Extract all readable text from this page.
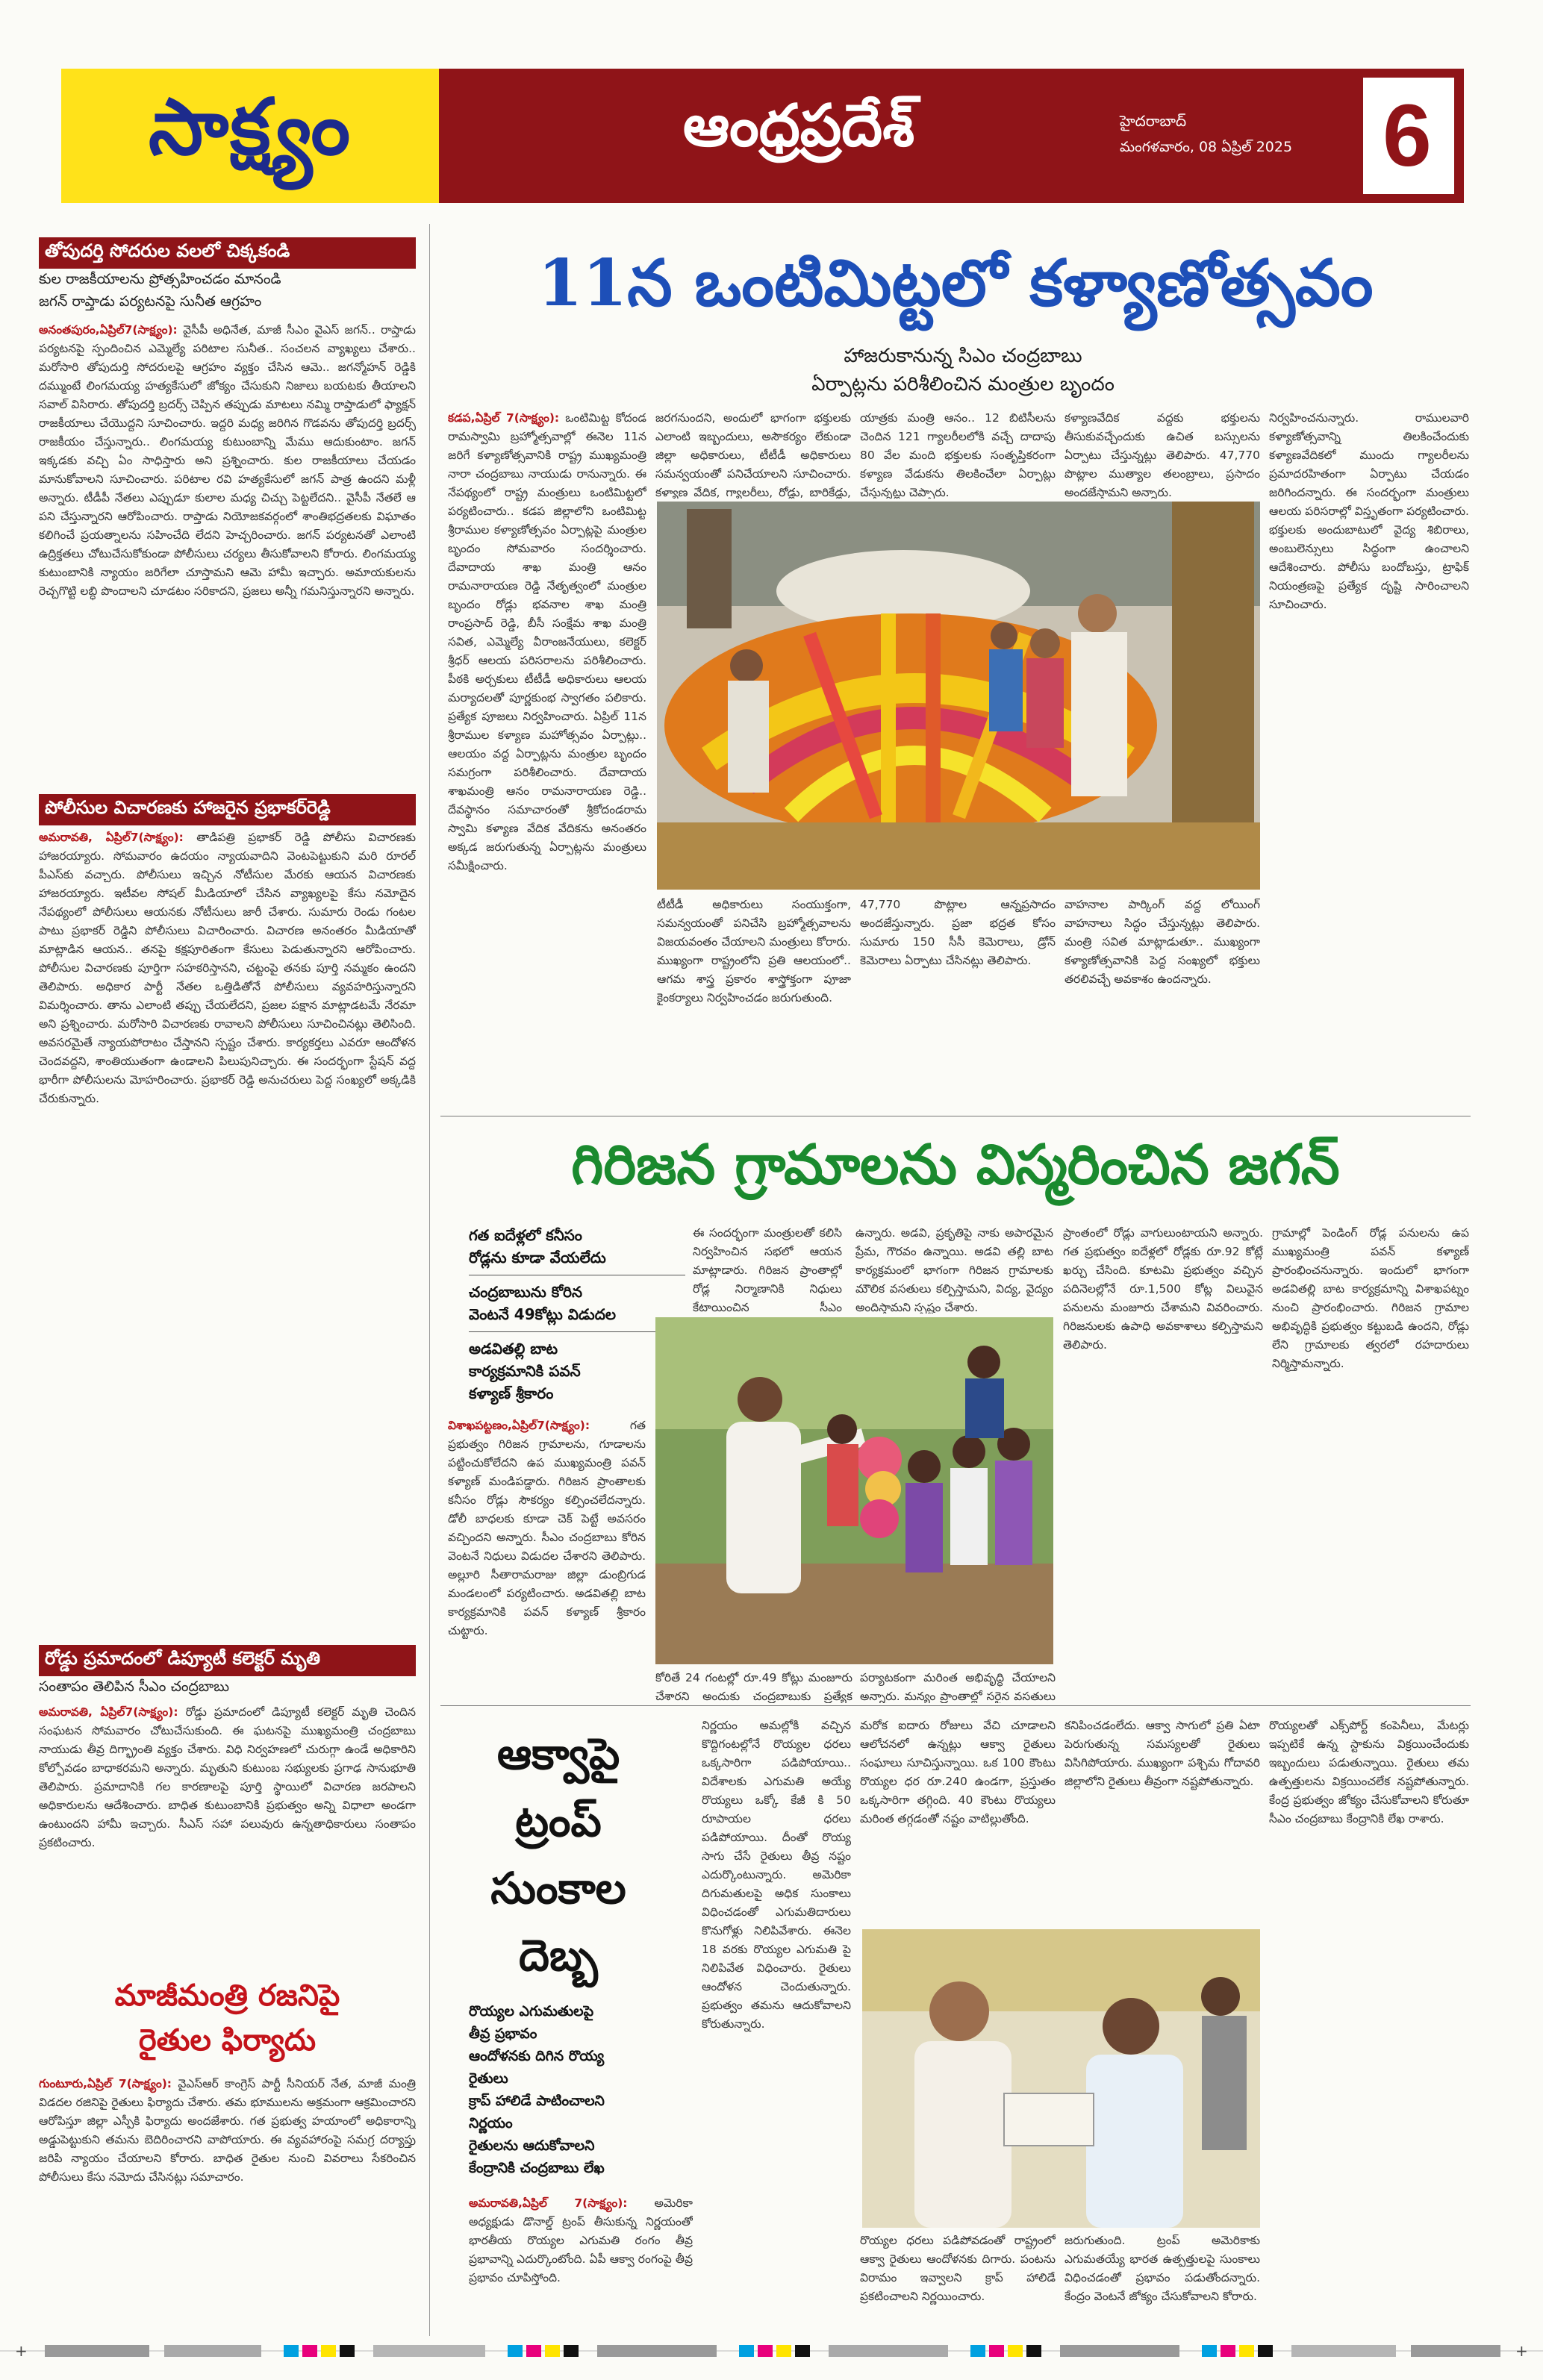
సాక్ష్యం	ఆంధ్రప్రదేశ్	హైదరాబాద్
మంగళవారం, 08 ఏప్రిల్ 2025	6
తోపుదర్తి సోదరుల వలలో చిక్కకండి
కుల రాజకీయాలను ప్రోత్సహించడం మానండి
జగన్ రాప్తాడు పర్యటనపై సునీత ఆగ్రహం
అనంతపురం,ఏప్రిల్7(సాక్ష్యం): వైసీపీ అధినేత, మాజీ సీఎం వైఎస్ జగన్.. రాప్తాడు పర్యటనపై స్పందించిన ఎమ్మెల్యే పరిటాల సునీత.. సంచలన వ్యాఖ్యలు చేశారు.. మరోసారి తోపుదుర్తి సోదరులపై ఆగ్రహం వ్యక్తం చేసిన ఆమె.. జగన్మోహన్ రెడ్డికి దమ్ముంటే లింగమయ్య హత్యకేసులో జోక్యం చేసుకుని నిజాలు బయటకు తీయాలని సవాల్ విసిరారు. తోపుదర్తి బ్రదర్స్ చెప్పిన తప్పుడు మాటలు నమ్మి రాప్తాడులో ఫ్యాక్షన్ రాజకీయాలు చేయొద్దని సూచించారు. ఇద్దరి మధ్య జరిగిన గొడవను తోపుదర్తి బ్రదర్స్ రాజకీయం చేస్తున్నారు.. లింగమయ్య కుటుంబాన్ని మేము ఆదుకుంటాం. జగన్ ఇక్కడకు వచ్చి ఏం సాధిస్తారు అని ప్రశ్నించారు. కుల రాజకీయాలు చేయడం మానుకోవాలని సూచించారు. పరిటాల రవి హత్యకేసులో జగన్ పాత్ర ఉందని మళ్లీ అన్నారు. టీడీపీ నేతలు ఎప్పుడూ కులాల మధ్య చిచ్చు పెట్టలేదని.. వైసీపీ నేతలే ఆ పని చేస్తున్నారని ఆరోపించారు. రాప్తాడు నియోజకవర్గంలో శాంతిభద్రతలకు విఘాతం కలిగించే ప్రయత్నాలను సహించేది లేదని హెచ్చరించారు. జగన్ పర్యటనతో ఎలాంటి ఉద్రిక్తతలు చోటుచేసుకోకుండా పోలీసులు చర్యలు తీసుకోవాలని కోరారు. లింగమయ్య కుటుంబానికి న్యాయం జరిగేలా చూస్తామని ఆమె హామీ ఇచ్చారు. అమాయకులను రెచ్చగొట్టి లబ్ధి పొందాలని చూడటం సరికాదని, ప్రజలు అన్నీ గమనిస్తున్నారని అన్నారు.
పోలీసుల విచారణకు హాజరైన ప్రభాకర్‌రెడ్డి
అమరావతి, ఏప్రిల్7(సాక్ష్యం): తాడిపత్రి ప్రభాకర్ రెడ్డి పోలీసు విచారణకు హాజరయ్యారు. సోమవారం ఉదయం న్యాయవాదిని వెంటపెట్టుకుని మరి రూరల్ పీఎస్‌కు వచ్చారు. పోలీసులు ఇచ్చిన నోటీసుల మేరకు ఆయన విచారణకు హాజరయ్యారు. ఇటీవల సోషల్ మీడియాలో చేసిన వ్యాఖ్యలపై కేసు నమోదైన నేపథ్యంలో పోలీసులు ఆయనకు నోటీసులు జారీ చేశారు. సుమారు రెండు గంటల పాటు ప్రభాకర్ రెడ్డిని పోలీసులు విచారించారు. విచారణ అనంతరం మీడియాతో మాట్లాడిన ఆయన.. తనపై కక్షపూరితంగా కేసులు పెడుతున్నారని ఆరోపించారు. పోలీసుల విచారణకు పూర్తిగా సహకరిస్తానని, చట్టంపై తనకు పూర్తి నమ్మకం ఉందని తెలిపారు. అధికార పార్టీ నేతల ఒత్తిడితోనే పోలీసులు వ్యవహరిస్తున్నారని విమర్శించారు. తాను ఎలాంటి తప్పు చేయలేదని, ప్రజల పక్షాన మాట్లాడటమే నేరమా అని ప్రశ్నించారు. మరోసారి విచారణకు రావాలని పోలీసులు సూచించినట్లు తెలిసింది. అవసరమైతే న్యాయపోరాటం చేస్తానని స్పష్టం చేశారు. కార్యకర్తలు ఎవరూ ఆందోళన చెందవద్దని, శాంతియుతంగా ఉండాలని పిలుపునిచ్చారు. ఈ సందర్భంగా స్టేషన్ వద్ద భారీగా పోలీసులను మోహరించారు. ప్రభాకర్ రెడ్డి అనుచరులు పెద్ద సంఖ్యలో అక్కడికి చేరుకున్నారు.
రోడ్డు ప్రమాదంలో డిప్యూటీ కలెక్టర్ మృతి
సంతాపం తెలిపిన సీఎం చంద్రబాబు
అమరావతి, ఏప్రిల్7(సాక్ష్యం): రోడ్డు ప్రమాదంలో డిప్యూటీ కలెక్టర్ మృతి చెందిన సంఘటన సోమవారం చోటుచేసుకుంది. ఈ ఘటనపై ముఖ్యమంత్రి చంద్రబాబు నాయుడు తీవ్ర దిగ్భ్రాంతి వ్యక్తం చేశారు. విధి నిర్వహణలో చురుగ్గా ఉండే అధికారిని కోల్పోవడం బాధాకరమని అన్నారు. మృతుని కుటుంబ సభ్యులకు ప్రగాఢ సానుభూతి తెలిపారు. ప్రమాదానికి గల కారణాలపై పూర్తి స్థాయిలో విచారణ జరపాలని అధికారులను ఆదేశించారు. బాధిత కుటుంబానికి ప్రభుత్వం అన్ని విధాలా అండగా ఉంటుందని హామీ ఇచ్చారు. సీఎస్ సహా పలువురు ఉన్నతాధికారులు సంతాపం ప్రకటించారు.
మాజీమంత్రి రజనిపై
రైతుల ఫిర్యాదు
గుంటూరు,ఏప్రిల్ 7(సాక్ష్యం): వైఎస్ఆర్ కాంగ్రెస్ పార్టీ సీనియర్ నేత, మాజీ మంత్రి విడదల రజినిపై రైతులు ఫిర్యాదు చేశారు. తమ భూములను అక్రమంగా ఆక్రమించారని ఆరోపిస్తూ జిల్లా ఎస్పీకి ఫిర్యాదు అందజేశారు. గత ప్రభుత్వ హయాంలో అధికారాన్ని అడ్డుపెట్టుకుని తమను బెదిరించారని వాపోయారు. ఈ వ్యవహారంపై సమగ్ర దర్యాప్తు జరిపి న్యాయం చేయాలని కోరారు. బాధిత రైతుల నుంచి వివరాలు సేకరించిన పోలీసులు కేసు నమోదు చేసినట్లు సమాచారం.
11న ఒంటిమిట్టలో కళ్యాణోత్సవం
హాజరుకానున్న సిఎం చంద్రబాబు
ఏర్పాట్లను పరిశీలించిన మంత్రుల బృందం
కడప,ఏప్రిల్ 7(సాక్ష్యం): ఒంటిమిట్ట కోదండ రామస్వామి బ్రహ్మోత్సవాల్లో ఈనెల 11న జరిగే కళ్యాణోత్సవానికి రాష్ట్ర ముఖ్యమంత్రి నారా చంద్రబాబు నాయుడు రానున్నారు. ఈ నేపథ్యంలో రాష్ట్ర మంత్రులు ఒంటిమిట్టలో పర్యటించారు.. కడప జిల్లాలోని ఒంటిమిట్ట శ్రీరాముల కళ్యాణోత్సవం ఏర్పాట్లపై మంత్రుల బృందం సోమవారం సందర్శించారు. దేవాదాయ శాఖ మంత్రి ఆనం రామనారాయణ రెడ్డి నేతృత్వంలో మంత్రుల బృందం రోడ్లు భవనాల శాఖ మంత్రి రాంప్రసాద్ రెడ్డి, బీసీ సంక్షేమ శాఖ మంత్రి సవిత, ఎమ్మెల్యే వీరాంజనేయులు, కలెక్టర్ శ్రీధర్ ఆలయ పరిసరాలను పరిశీలించారు. పీఠకి అర్చకులు టీటీడీ అధికారులు ఆలయ మర్యాదలతో పూర్ణకుంభ స్వాగతం పలికారు. ప్రత్యేక పూజలు నిర్వహించారు. ఏప్రిల్ 11న శ్రీరాముల కళ్యాణ మహోత్సవం ఏర్పాట్లు.. ఆలయం వద్ద ఏర్పాట్లను మంత్రుల బృందం సమగ్రంగా పరిశీలించారు. దేవాదాయ శాఖమంత్రి ఆనం రామనారాయణ రెడ్డి.. దేవస్థానం సమాచారంతో శ్రీకోదండరామ స్వామి కళ్యాణ వేదిక వేదికను అనంతరం అక్కడ జరుగుతున్న ఏర్పాట్లను మంత్రులు సమీక్షించారు.
జరగనుందని, అందులో భాగంగా భక్తులకు ఎలాంటి ఇబ్బందులు, అసౌకర్యం లేకుండా జిల్లా అధికారులు, టీటీడీ అధికారులు సమన్వయంతో పనిచేయాలని సూచించారు. కళ్యాణ వేదిక, గ్యాలరీలు, రోడ్లు, బారికేడ్లు,
యాత్రకు మంత్రి ఆనం.. 12 బిటిసీలను చెందిన 121 గ్యాలరీలలోకి వచ్చే దాదాపు 80 వేల మంది భక్తులకు సంతృప్తికరంగా కళ్యాణ వేడుకను తిలకించేలా ఏర్పాట్లు చేస్తున్నట్లు చెప్పారు.
కళ్యాణవేదిక వద్దకు భక్తులను తీసుకువచ్చేందుకు ఉచిత బస్సులను ఏర్పాటు చేస్తున్నట్లు తెలిపారు. 47,770 పొట్లాల ముత్యాల తలంబ్రాలు, ప్రసాదం అందజేస్తామని అన్నారు.
నిర్వహించనున్నారు. రాములవారి కళ్యాణోత్సవాన్ని తిలకించేందుకు కళ్యాణవేదికలో ముందు గ్యాలరీలను ప్రమాదరహితంగా ఏర్పాటు చేయడం జరిగిందన్నారు. ఈ సందర్భంగా మంత్రులు ఆలయ పరిసరాల్లో విస్తృతంగా పర్యటించారు. భక్తులకు అందుబాటులో వైద్య శిబిరాలు, అంబులెన్సులు సిద్ధంగా ఉంచాలని ఆదేశించారు. పోలీసు బందోబస్తు, ట్రాఫిక్ నియంత్రణపై ప్రత్యేక దృష్టి సారించాలని సూచించారు.
టీటీడీ అధికారులు సంయుక్తంగా, సమన్వయంతో పనిచేసి బ్రహ్మోత్సవాలను విజయవంతం చేయాలని మంత్రులు కోరారు. ముఖ్యంగా రాష్ట్రంలోని ప్రతి ఆలయంలో.. ఆగమ శాస్త్ర ప్రకారం శాస్త్రోక్తంగా పూజా కైంకర్యాలు నిర్వహించడం జరుగుతుంది.
47,770 పొట్లాల ఆన్నప్రసాదం అందజేస్తున్నారు. ప్రజా భద్రత కోసం సుమారు 150 సీసీ కెమెరాలు, డ్రోన్ కెమెరాలు ఏర్పాటు చేసినట్లు తెలిపారు.
వాహనాల పార్కింగ్ వద్ద లోయింగ్ వాహనాలు సిద్ధం చేస్తున్నట్లు తెలిపారు. మంత్రి సవిత మాట్లాడుతూ.. ముఖ్యంగా కళ్యాణోత్సవానికి పెద్ద సంఖ్యలో భక్తులు తరలివచ్చే అవకాశం ఉందన్నారు.
గిరిజన గ్రామాలను విస్మరించిన జగన్
గత ఐదేళ్లలో కనీసం
రోడ్లను కూడా వేయలేదు
చంద్రబాబును కోరిన
వెంటనే 49కోట్లు విడుదల
అడవితల్లి బాట
కార్యక్రమానికి పవన్
కళ్యాణ్ శ్రీకారం
విశాఖపట్టణం,ఏప్రిల్7(సాక్ష్యం):	గత ప్రభుత్వం గిరిజన గ్రామాలను, గూడాలను పట్టించుకోలేదని ఉప ముఖ్యమంత్రి పవన్ కళ్యాణ్ మండిపడ్డారు. గిరిజన ప్రాంతాలకు కనీసం రోడ్లు సౌకర్యం కల్పించలేదన్నారు. డోలీ బాధలకు కూడా చెక్ పెట్టే అవసరం వచ్చిందని అన్నారు. సీఎం చంద్రబాబు కోరిన వెంటనే నిధులు విడుదల చేశారని తెలిపారు. అల్లూరి సీతారామరాజు జిల్లా డుంబ్రిగుడ మండలంలో పర్యటించారు. అడవితల్లి బాట కార్యక్రమానికి పవన్ కళ్యాణ్ శ్రీకారం చుట్టారు.
ఈ సందర్భంగా మంత్రులతో కలిసి నిర్వహించిన సభలో ఆయన మాట్లాడారు. గిరిజన ప్రాంతాల్లో రోడ్ల నిర్మాణానికి నిధులు కేటాయించిన సీఎం
ఉన్నారు. అడవి, ప్రకృతిపై నాకు అపారమైన ప్రేమ, గౌరవం ఉన్నాయి. అడవి తల్లి బాట కార్యక్రమంలో భాగంగా గిరిజన గ్రామాలకు మౌలిక వసతులు కల్పిస్తామని, విద్య, వైద్యం అందిస్తామని స్పష్టం చేశారు.
ప్రాంతంలో రోడ్లు వాగులుంటాయని అన్నారు. గత ప్రభుత్వం ఐదేళ్లలో రోడ్లకు రూ.92 కోట్లే ఖర్చు చేసింది. కూటమి ప్రభుత్వం వచ్చిన పదినెలల్లోనే రూ.1,500 కోట్ల విలువైన పనులను మంజూరు చేశామని వివరించారు. గిరిజనులకు ఉపాధి అవకాశాలు కల్పిస్తామని తెలిపారు.
గ్రామాల్లో పెండింగ్ రోడ్ల పనులను ఉప ముఖ్యమంత్రి పవన్ కళ్యాణ్ ప్రారంభించనున్నారు. ఇందులో భాగంగా అడవితల్లి బాట కార్యక్రమాన్ని విశాఖపట్నం నుంచి ప్రారంభించారు. గిరిజన గ్రామాల అభివృద్ధికి ప్రభుత్వం కట్టుబడి ఉందని, రోడ్లు లేని గ్రామాలకు త్వరలో రహదారులు నిర్మిస్తామన్నారు.
కోరితే 24 గంటల్లో రూ.49 కోట్లు మంజూరు చేశారని అందుకు చంద్రబాబుకు ప్రత్యేక
పర్యాటకంగా మరింత అభివృద్ధి చేయాలని అన్నారు. మన్యం ప్రాంతాల్లో సరైన వసతులు
ఆక్వాపై
ట్రంప్
సుంకాల
దెబ్బ
రొయ్యల ఎగుమతులపై
తీవ్ర ప్రభావం
ఆందోళనకు దిగిన రొయ్య
రైతులు
క్రాప్ హాలిడే పాటించాలని
నిర్ణయం
రైతులను ఆదుకోవాలని
కేంద్రానికి చంద్రబాబు లేఖ
అమరావతి,ఏప్రిల్ 7(సాక్ష్యం): అమెరికా అధ్యక్షుడు డొనాల్డ్ ట్రంప్ తీసుకున్న నిర్ణయంతో భారతీయ రొయ్యల ఎగుమతి రంగం తీవ్ర ప్రభావాన్ని ఎదుర్కొంటోంది. ఏపీ ఆక్వా రంగంపై తీవ్ర ప్రభావం చూపిస్తోంది.
నిర్ణయం అమల్లోకి వచ్చిన కొద్దిగంటల్లోనే రొయ్యల ధరలు ఒక్కసారిగా పడిపోయాయి.. విదేశాలకు ఎగుమతి అయ్యే రొయ్యలు ఒక్కో కేజీ కి 50 రూపాయల ధరలు పడిపోయాయి. దీంతో రొయ్య సాగు చేసే రైతులు తీవ్ర నష్టం ఎదుర్కొంటున్నారు. అమెరికా దిగుమతులపై అధిక సుంకాలు విధించడంతో ఎగుమతిదారులు కొనుగోళ్లు నిలిపివేశారు. ఈనెల 18 వరకు రొయ్యల ఎగుమతి పై నిలిపివేత విధించారు. రైతులు ఆందోళన చెందుతున్నారు. ప్రభుత్వం తమను ఆదుకోవాలని కోరుతున్నారు.
మరోక ఐదారు రోజులు వేచి చూడాలని ఆలోచనలో ఉన్నట్లు ఆక్వా రైతులు సంఘాలు సూచిస్తున్నాయి. ఒక 100 కౌంటు రొయ్యల ధర రూ.240 ఉండగా, ప్రస్తుతం ఒక్కసారిగా తగ్గింది. 40 కౌంటు రొయ్యలు మరింత తగ్గడంతో నష్టం వాటిల్లుతోంది.
కనిపించడంలేదు. ఆక్వా సాగులో ప్రతి ఏటా పెరుగుతున్న సమస్యలతో రైతులు విసిగిపోయారు. ముఖ్యంగా పశ్చిమ గోదావరి జిల్లాలోని రైతులు తీవ్రంగా నష్టపోతున్నారు.
రొయ్యలతో ఎక్స్‌పోర్ట్ కంపెనీలు, మేటర్లు ఇప్పటికే ఉన్న స్టాకును విక్రయించేందుకు ఇబ్బందులు పడుతున్నాయి. రైతులు తమ ఉత్పత్తులను విక్రయించలేక నష్టపోతున్నారు. కేంద్ర ప్రభుత్వం జోక్యం చేసుకోవాలని కోరుతూ సీఎం చంద్రబాబు కేంద్రానికి లేఖ రాశారు.
రొయ్యల ధరలు పడిపోవడంతో రాష్ట్రంలో ఆక్వా రైతులు ఆందోళనకు దిగారు. పంటను విరామం ఇవ్వాలని క్రాప్ హాలిడే ప్రకటించాలని నిర్ణయించారు.
జరుగుతుంది. ట్రంప్ అమెరికాకు ఎగుమతయ్యే భారత ఉత్పత్తులపై సుంకాలు విధించడంతో ప్రభావం పడుతోందన్నారు. కేంద్రం వెంటనే జోక్యం చేసుకోవాలని కోరారు.
+	+
